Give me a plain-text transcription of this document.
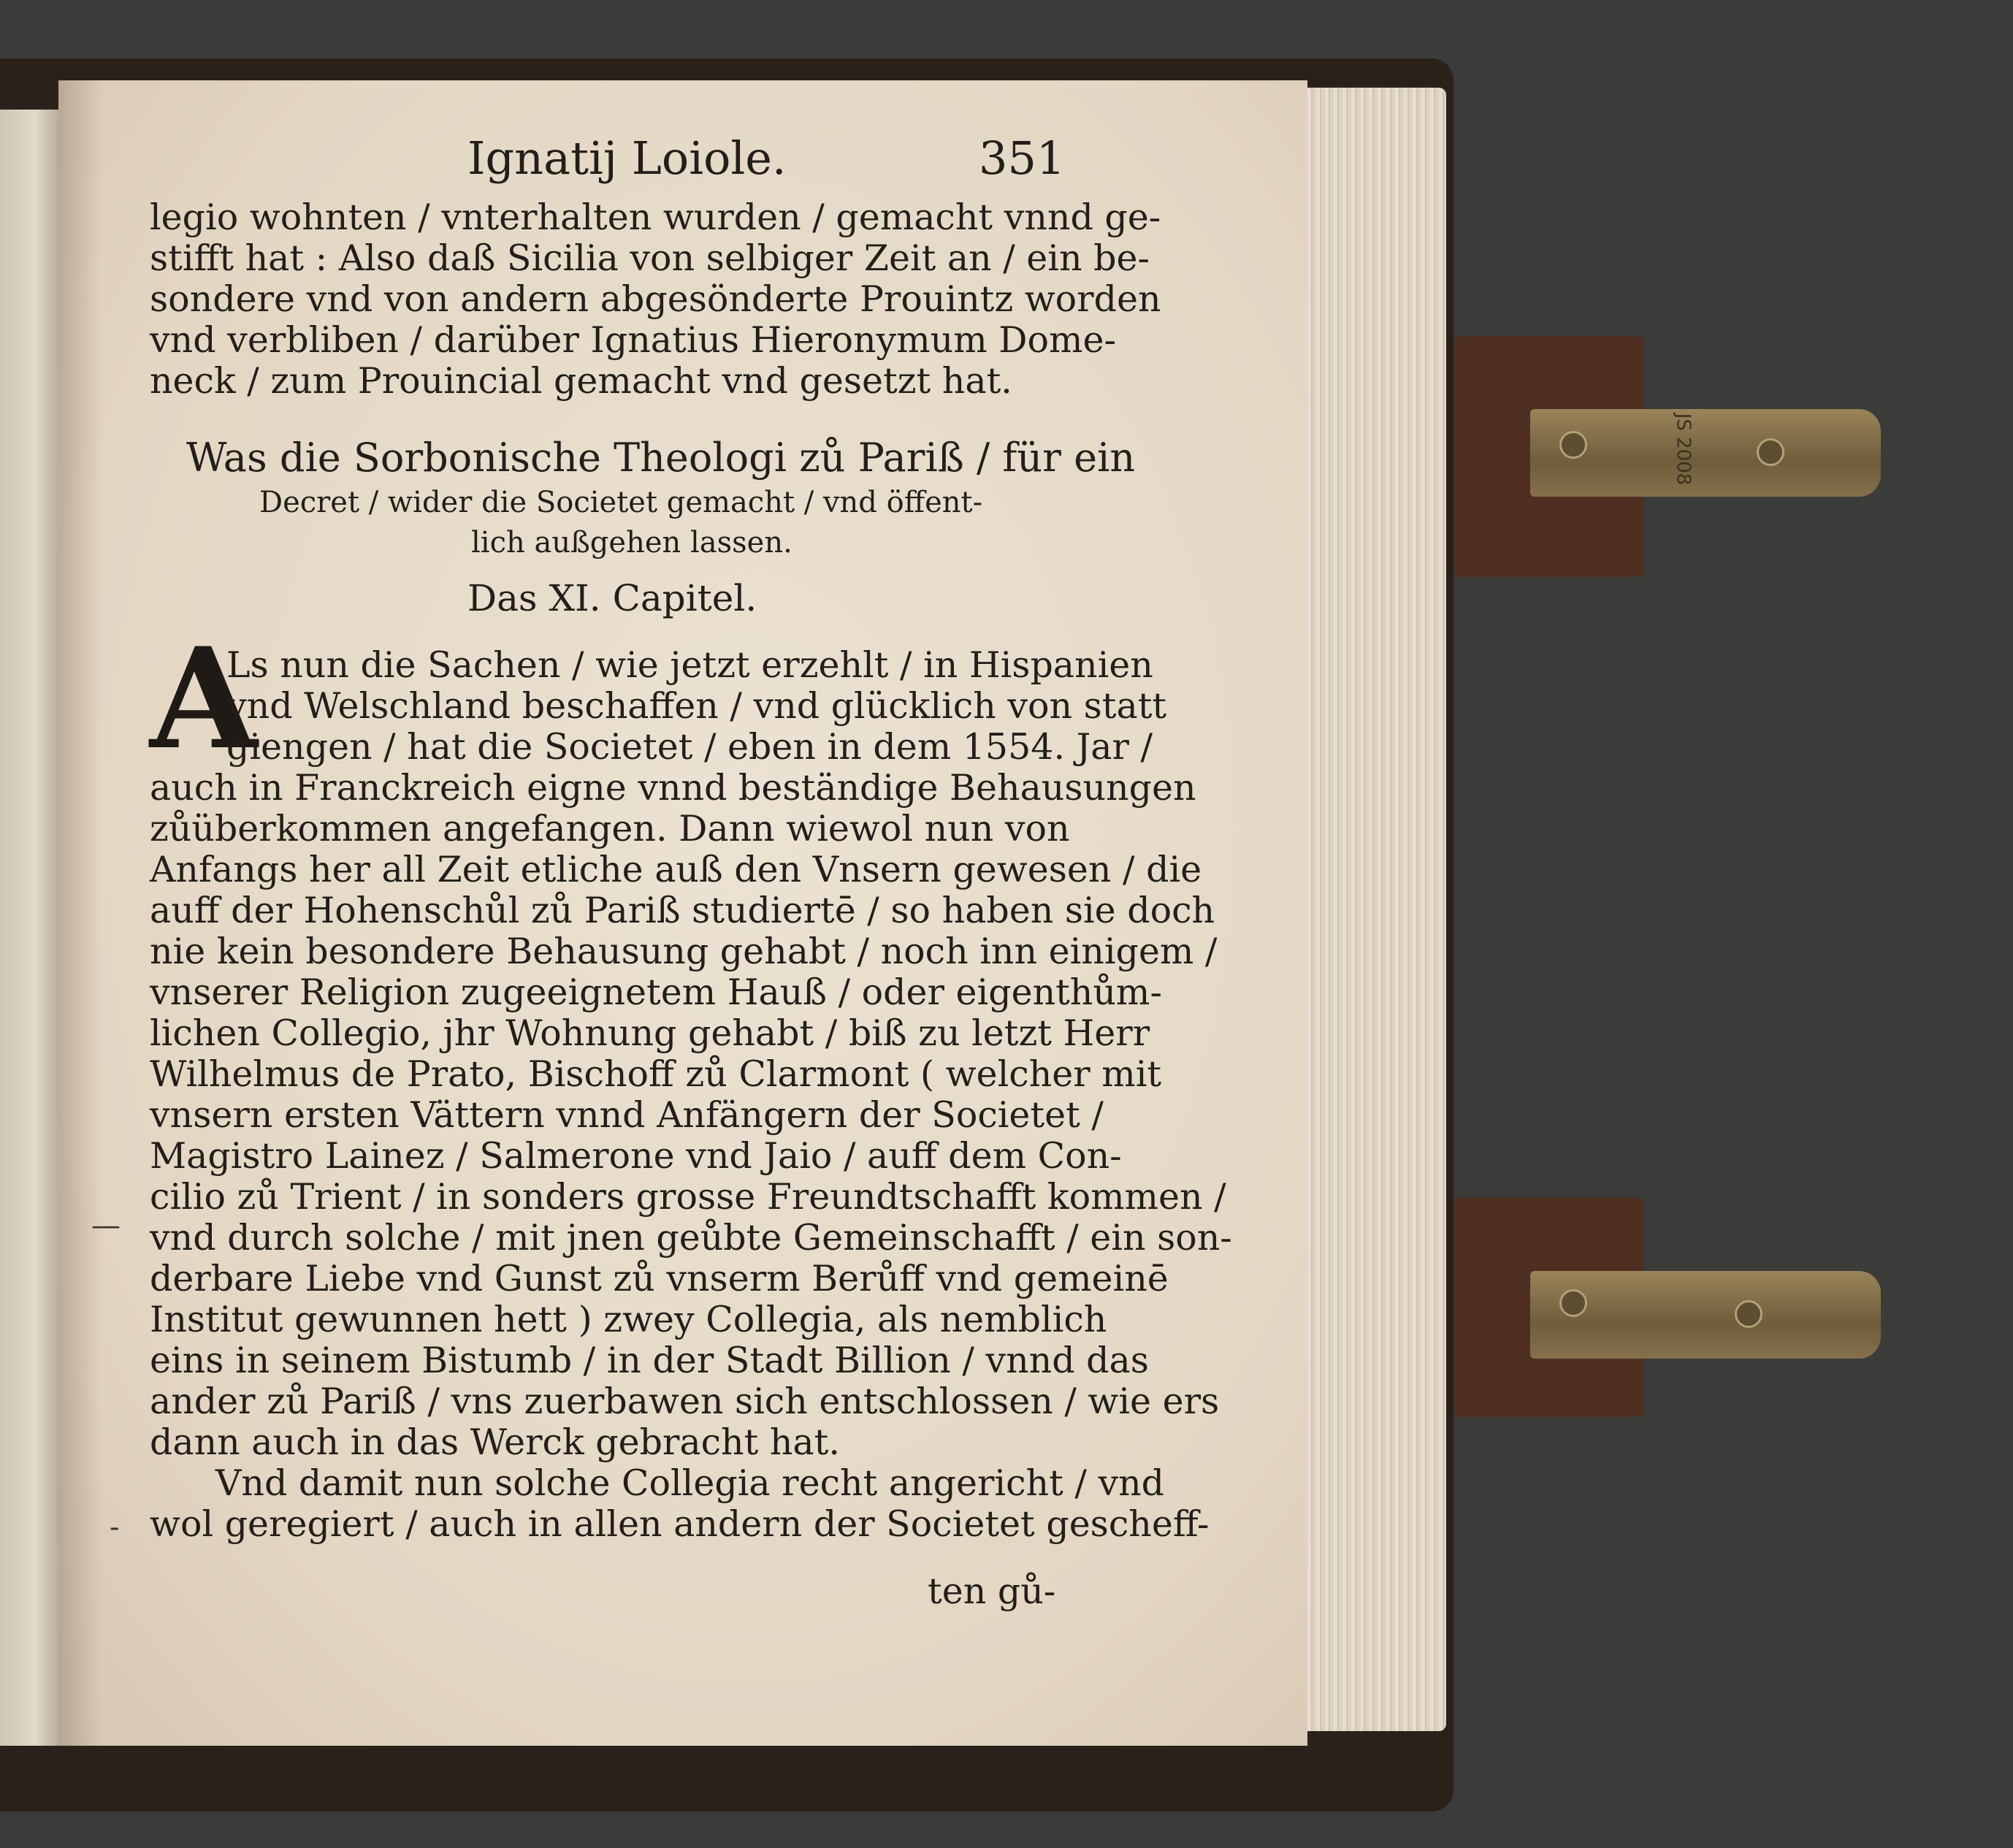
JS 2008
Ignatij Loiole.	351
legio wohnten / vnterhalten wurden / gemacht vnnd ge-
stifft hat : Also daß Sicilia von selbiger Zeit an / ein be-
sondere vnd von andern abgesönderte Prouintz worden
vnd verbliben / darüber Ignatius Hieronymum Dome-
neck / zum Prouincial gemacht vnd gesetzt hat.
Was die Sorbonische Theologi zů Pariß / für ein
Decret / wider die Societet gemacht / vnd öffent-
lich außgehen lassen.
Das XI. Capitel.
A
Ls nun die Sachen / wie jetzt erzehlt / in Hispanien
vnd Welschland beschaffen / vnd glücklich von statt
giengen / hat die Societet / eben in dem 1554. Jar /
auch in Franckreich eigne vnnd beständige Behausungen
zůüberkommen angefangen. Dann wiewol nun von
Anfangs her all Zeit etliche auß den Vnsern gewesen / die
auff der Hohenschůl zů Pariß studiertē / so haben sie doch
nie kein besondere Behausung gehabt / noch inn einigem /
vnserer Religion zugeeignetem Hauß / oder eigenthům-
lichen Collegio, jhr Wohnung gehabt / biß zu letzt Herr
Wilhelmus de Prato, Bischoff zů Clarmont ( welcher mit
vnsern ersten Vättern vnnd Anfängern der Societet /
Magistro Lainez / Salmerone vnd Jaio / auff dem Con-
cilio zů Trient / in sonders grosse Freundtschafft kommen /
vnd durch solche / mit jnen geůbte Gemeinschafft / ein son-
derbare Liebe vnd Gunst zů vnserm Berůff vnd gemeinē
Institut gewunnen hett ) zwey Collegia, als nemblich
eins in seinem Bistumb / in der Stadt Billion / vnnd das
ander zů Pariß / vns zuerbawen sich entschlossen / wie ers
dann auch in das Werck gebracht hat.
Vnd damit nun solche Collegia recht angericht / vnd
wol geregiert / auch in allen andern der Societet gescheff-
ten gů-
—
-
